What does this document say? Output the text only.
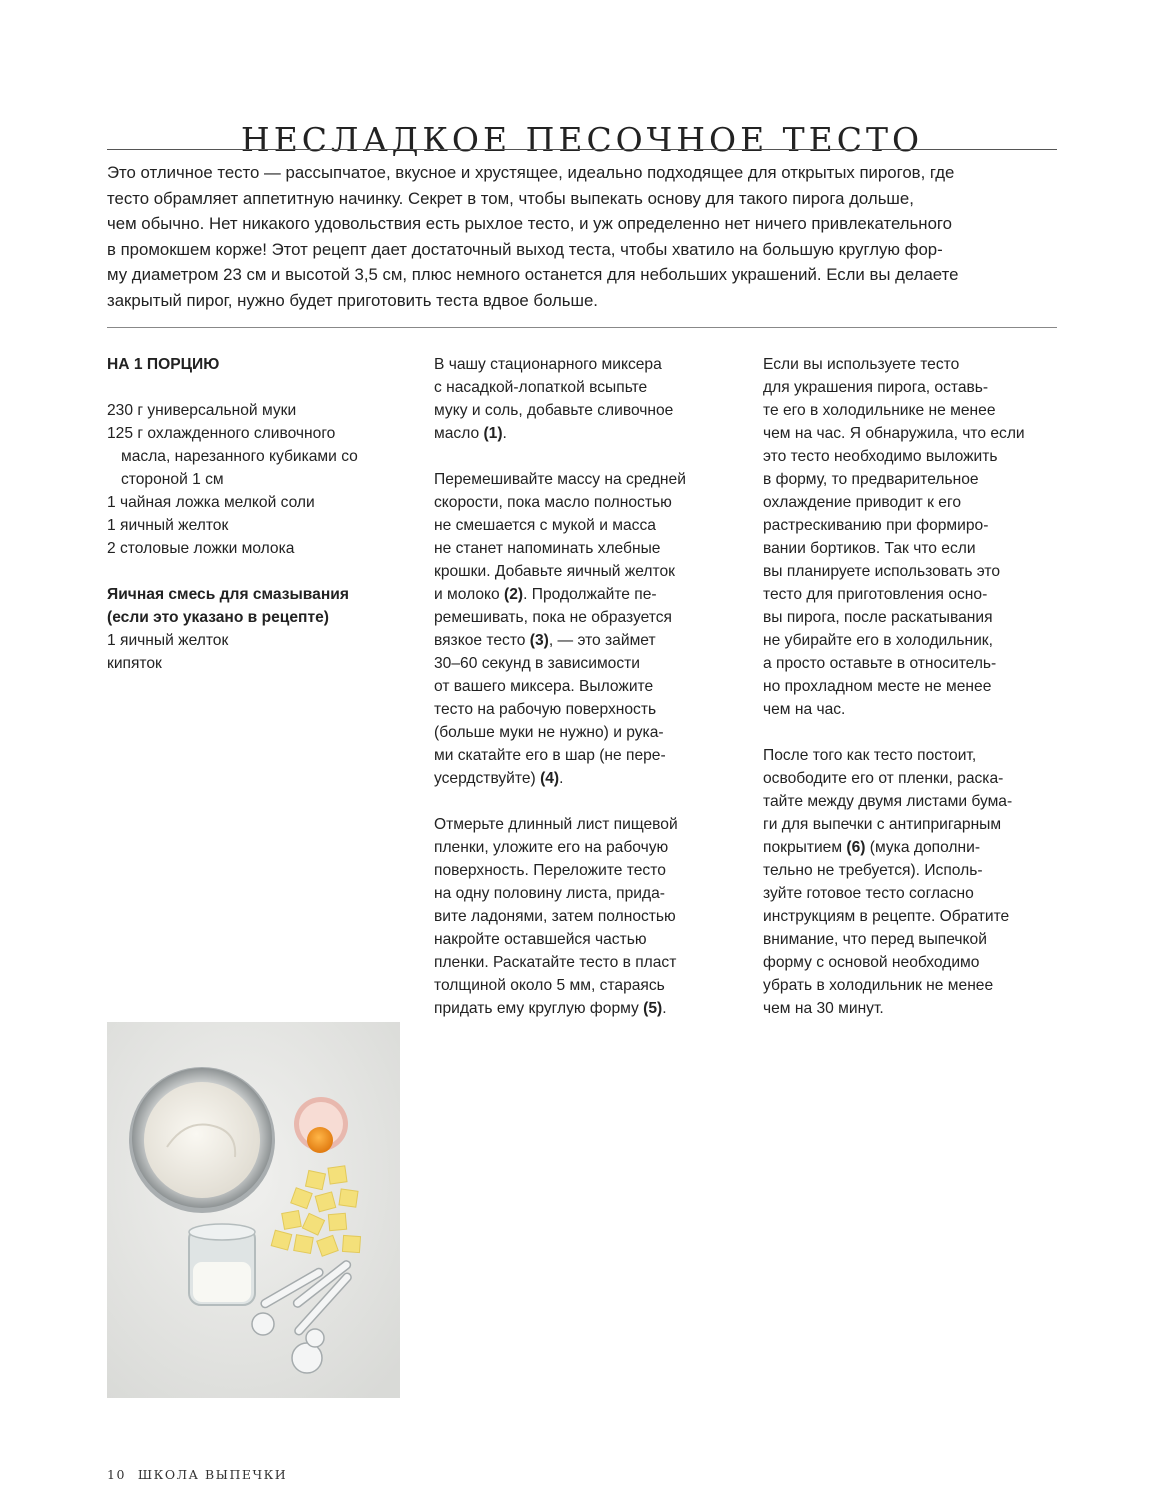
НЕСЛАДКОЕ ПЕСОЧНОЕ ТЕСТО
Это отличное тесто — рассыпчатое, вкусное и хрустящее, идеально подходящее для открытых пирогов, где
тесто обрамляет аппетитную начинку. Секрет в том, чтобы выпекать основу для такого пирога дольше,
чем обычно. Нет никакого удовольствия есть рыхлое тесто, и уж определенно нет ничего привлекательного
в промокшем корже! Этот рецепт дает достаточный выход теста, чтобы хватило на большую круглую фор-
му диаметром 23 см и высотой 3,5 см, плюс немного останется для небольших украшений. Если вы делаете
закрытый пирог, нужно будет приготовить теста вдвое больше.
НА 1 ПОРЦИЮ
230 г универсальной муки
125 г охлажденного сливочного масла, нарезанного кубиками со стороной 1 см
1 чайная ложка мелкой соли
1 яичный желток
2 столовые ложки молока
Яичная смесь для смазывания
(если это указано в рецепте)
1 яичный желток
кипяток

В чашу стационарного миксера
с насадкой-лопаткой всыпьте
муку и соль, добавьте сливочное
масло (1).

Перемешивайте массу на средней
скорости, пока масло полностью
не смешается с мукой и масса
не станет напоминать хлебные
крошки. Добавьте яичный желток
и молоко (2). Продолжайте пе-
ремешивать, пока не образуется
вязкое тесто (3), — это займет
30–60 секунд в зависимости
от вашего миксера. Выложите
тесто на рабочую поверхность
(больше муки не нужно) и рука-
ми скатайте его в шар (не пере-
усердствуйте) (4).

Отмерьте длинный лист пищевой
пленки, уложите его на рабочую
поверхность. Переложите тесто
на одну половину листа, прида-
вите ладонями, затем полностью
накройте оставшейся частью
пленки. Раскатайте тесто в пласт
толщиной около 5 мм, стараясь
придать ему круглую форму (5).

Если вы используете тесто
для украшения пирога, оставь-
те его в холодильнике не менее
чем на час. Я обнаружила, что если
это тесто необходимо выложить
в форму, то предварительное
охлаждение приводит к его
растрескиванию при формиро-
вании бортиков. Так что если
вы планируете использовать это
тесто для приготовления осно-
вы пирога, после раскатывания
не убирайте его в холодильник,
а просто оставьте в относитель-
но прохладном месте не менее
чем на час.

После того как тесто постоит,
освободите его от пленки, раска-
тайте между двумя листами бума-
ги для выпечки с антипригарным
покрытием (6) (мука дополни-
тельно не требуется). Исполь-
зуйте готовое тесто согласно
инструкциям в рецепте. Обратите
внимание, что перед выпечкой
форму с основой необходимо
убрать в холодильник не менее
чем на 30 минут.

10 ШКОЛА ВЫПЕЧКИ
